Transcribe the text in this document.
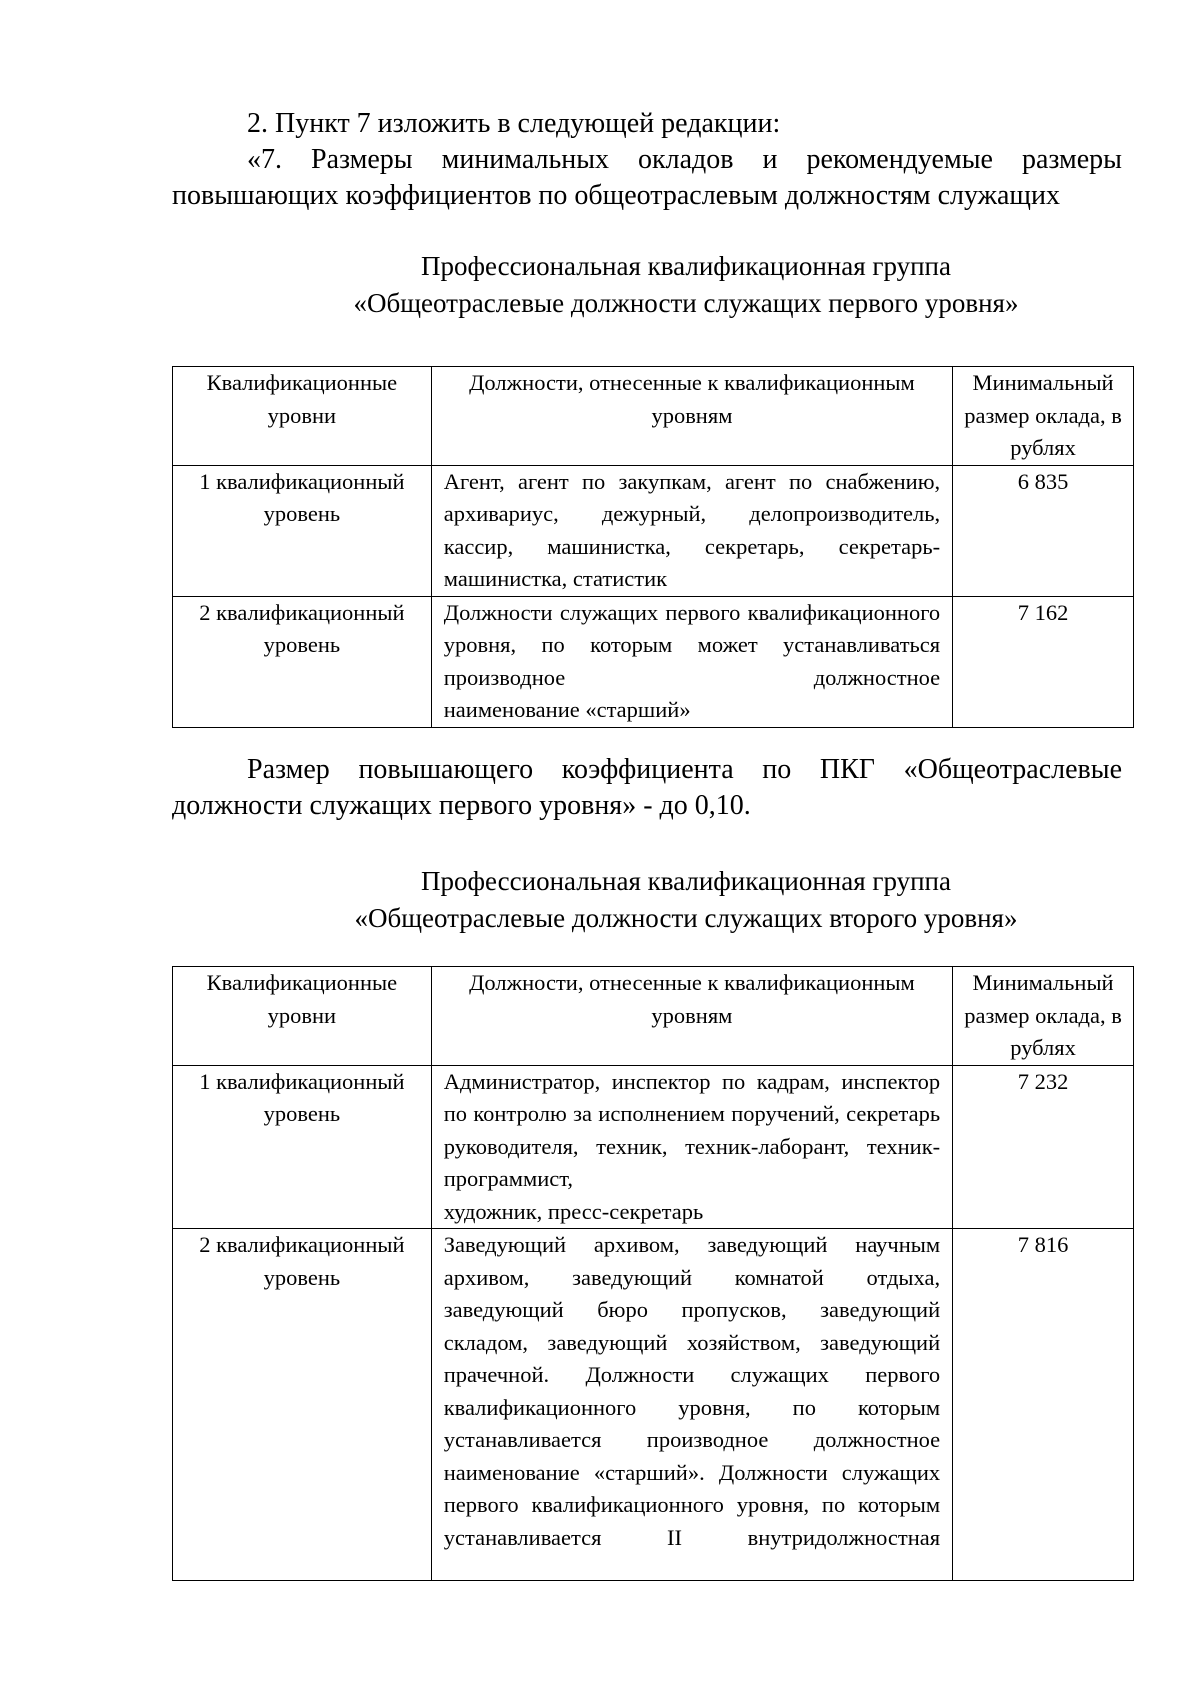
2. Пункт 7 изложить в следующей редакции:
«7. Размеры минимальных окладов и рекомендуемые размеры
повышающих коэффициентов по общеотраслевым должностям служащих
Профессиональная квалификационная группа
«Общеотраслевые должности служащих первого уровня»
Квалификационные уровни	Должности, отнесенные к квалификационным уровням	Минимальный размер оклада, в рублях
1 квалификационный уровень	Агент, агент по закупкам, агент по снабжению, архивариус, дежурный, делопроизводитель, кассир, машинистка, секретарь, секретарь-
машинистка, статистик	6 835
2 квалификационный уровень	Должности служащих первого квалификационного уровня, по которым может устанавливаться производное должностное
наименование «старший»	7 162
Размер повышающего коэффициента по ПКГ «Общеотраслевые
должности служащих первого уровня» - до 0,10.
Профессиональная квалификационная группа
«Общеотраслевые должности служащих второго уровня»
Квалификационные уровни	Должности, отнесенные к квалификационным уровням	Минимальный размер оклада, в рублях
1 квалификационный уровень	Администратор, инспектор по кадрам, инспектор по контролю за исполнением поручений, секретарь руководителя, техник, техник-лаборант, техник-программист,
художник, пресс-секретарь	7 232
2 квалификационный уровень	Заведующий архивом, заведующий научным архивом, заведующий комнатой отдыха, заведующий бюро пропусков, заведующий складом, заведующий хозяйством, заведующий прачечной. Должности служащих первого квалификационного уровня, по которым устанавливается производное должностное наименование «старший». Должности служащих первого квалификационного уровня, по которым устанавливается II внутридолжностная	7 816
